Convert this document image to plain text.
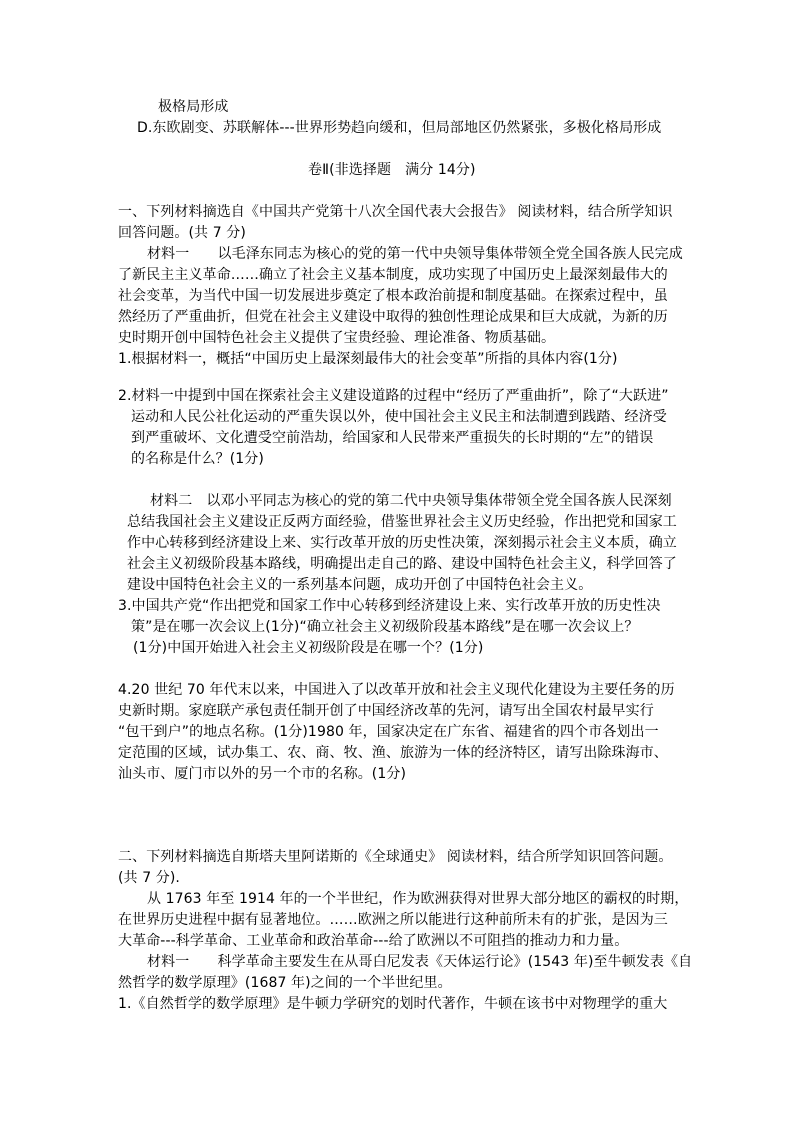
极格局形成
D.东欧剧变、苏联解体---世界形势趋向缓和，但局部地区仍然紧张，多极化格局形成
卷Ⅱ(非选择题　满分 14分)
一、下列材料摘选自《中国共产党第十八次全国代表大会报告》 阅读材料，结合所学知识
回答问题。(共 7 分)
材料一　　以毛泽东同志为核心的党的第一代中央领导集体带领全党全国各族人民完成
了新民主主义革命……确立了社会主义基本制度，成功实现了中国历史上最深刻最伟大的
社会变革，为当代中国一切发展进步奠定了根本政治前提和制度基础。在探索过程中，虽
然经历了严重曲折，但党在社会主义建设中取得的独创性理论成果和巨大成就，为新的历
史时期开创中国特色社会主义提供了宝贵经验、理论准备、物质基础。
1.根据材料一，概括“中国历史上最深刻最伟大的社会变革”所指的具体内容(1分)
2.材料一中提到中国在探索社会主义建设道路的过程中“经历了严重曲折”，除了“大跃进”
运动和人民公社化运动的严重失误以外，使中国社会主义民主和法制遭到践踏、经济受
到严重破坏、文化遭受空前浩劫，给国家和人民带来严重损失的长时期的“左”的错误
的名称是什么？(1分)
材料二　以邓小平同志为核心的党的第二代中央领导集体带领全党全国各族人民深刻
总结我国社会主义建设正反两方面经验，借鉴世界社会主义历史经验，作出把党和国家工
作中心转移到经济建设上来、实行改革开放的历史性决策，深刻揭示社会主义本质，确立
社会主义初级阶段基本路线，明确提出走自己的路、建设中国特色社会主义，科学回答了
建设中国特色社会主义的一系列基本问题，成功开创了中国特色社会主义。
3.中国共产党“作出把党和国家工作中心转移到经济建设上来、实行改革开放的历史性决
策”是在哪一次会议上(1分)“确立社会主义初级阶段基本路线”是在哪一次会议上？
(1分)中国开始进入社会主义初级阶段是在哪一个？(1分)
4.20 世纪 70 年代末以来，中国进入了以改革开放和社会主义现代化建设为主要任务的历
史新时期。家庭联产承包责任制开创了中国经济改革的先河，请写出全国农村最早实行
“包干到户”的地点名称。(1分)1980 年，国家决定在广东省、福建省的四个市各划出一
定范围的区域，试办集工、农、商、牧、渔、旅游为一体的经济特区，请写出除珠海市、
汕头市、厦门市以外的另一个市的名称。(1分)
二、下列材料摘选自斯塔夫里阿诺斯的《全球通史》 阅读材料，结合所学知识回答问题。
(共 7 分).
从 1763 年至 1914 年的一个半世纪，作为欧洲获得对世界大部分地区的霸权的时期，
在世界历史进程中据有显著地位。……欧洲之所以能进行这种前所未有的扩张，是因为三
大革命---科学革命、工业革命和政治革命---给了欧洲以不可阻挡的推动力和力量。
材料一　　科学革命主要发生在从哥白尼发表《天体运行论》(1543 年)至牛顿发表《自
然哲学的数学原理》(1687 年)之间的一个半世纪里。
1.《自然哲学的数学原理》是牛顿力学研究的划时代著作，牛顿在该书中对物理学的重大
